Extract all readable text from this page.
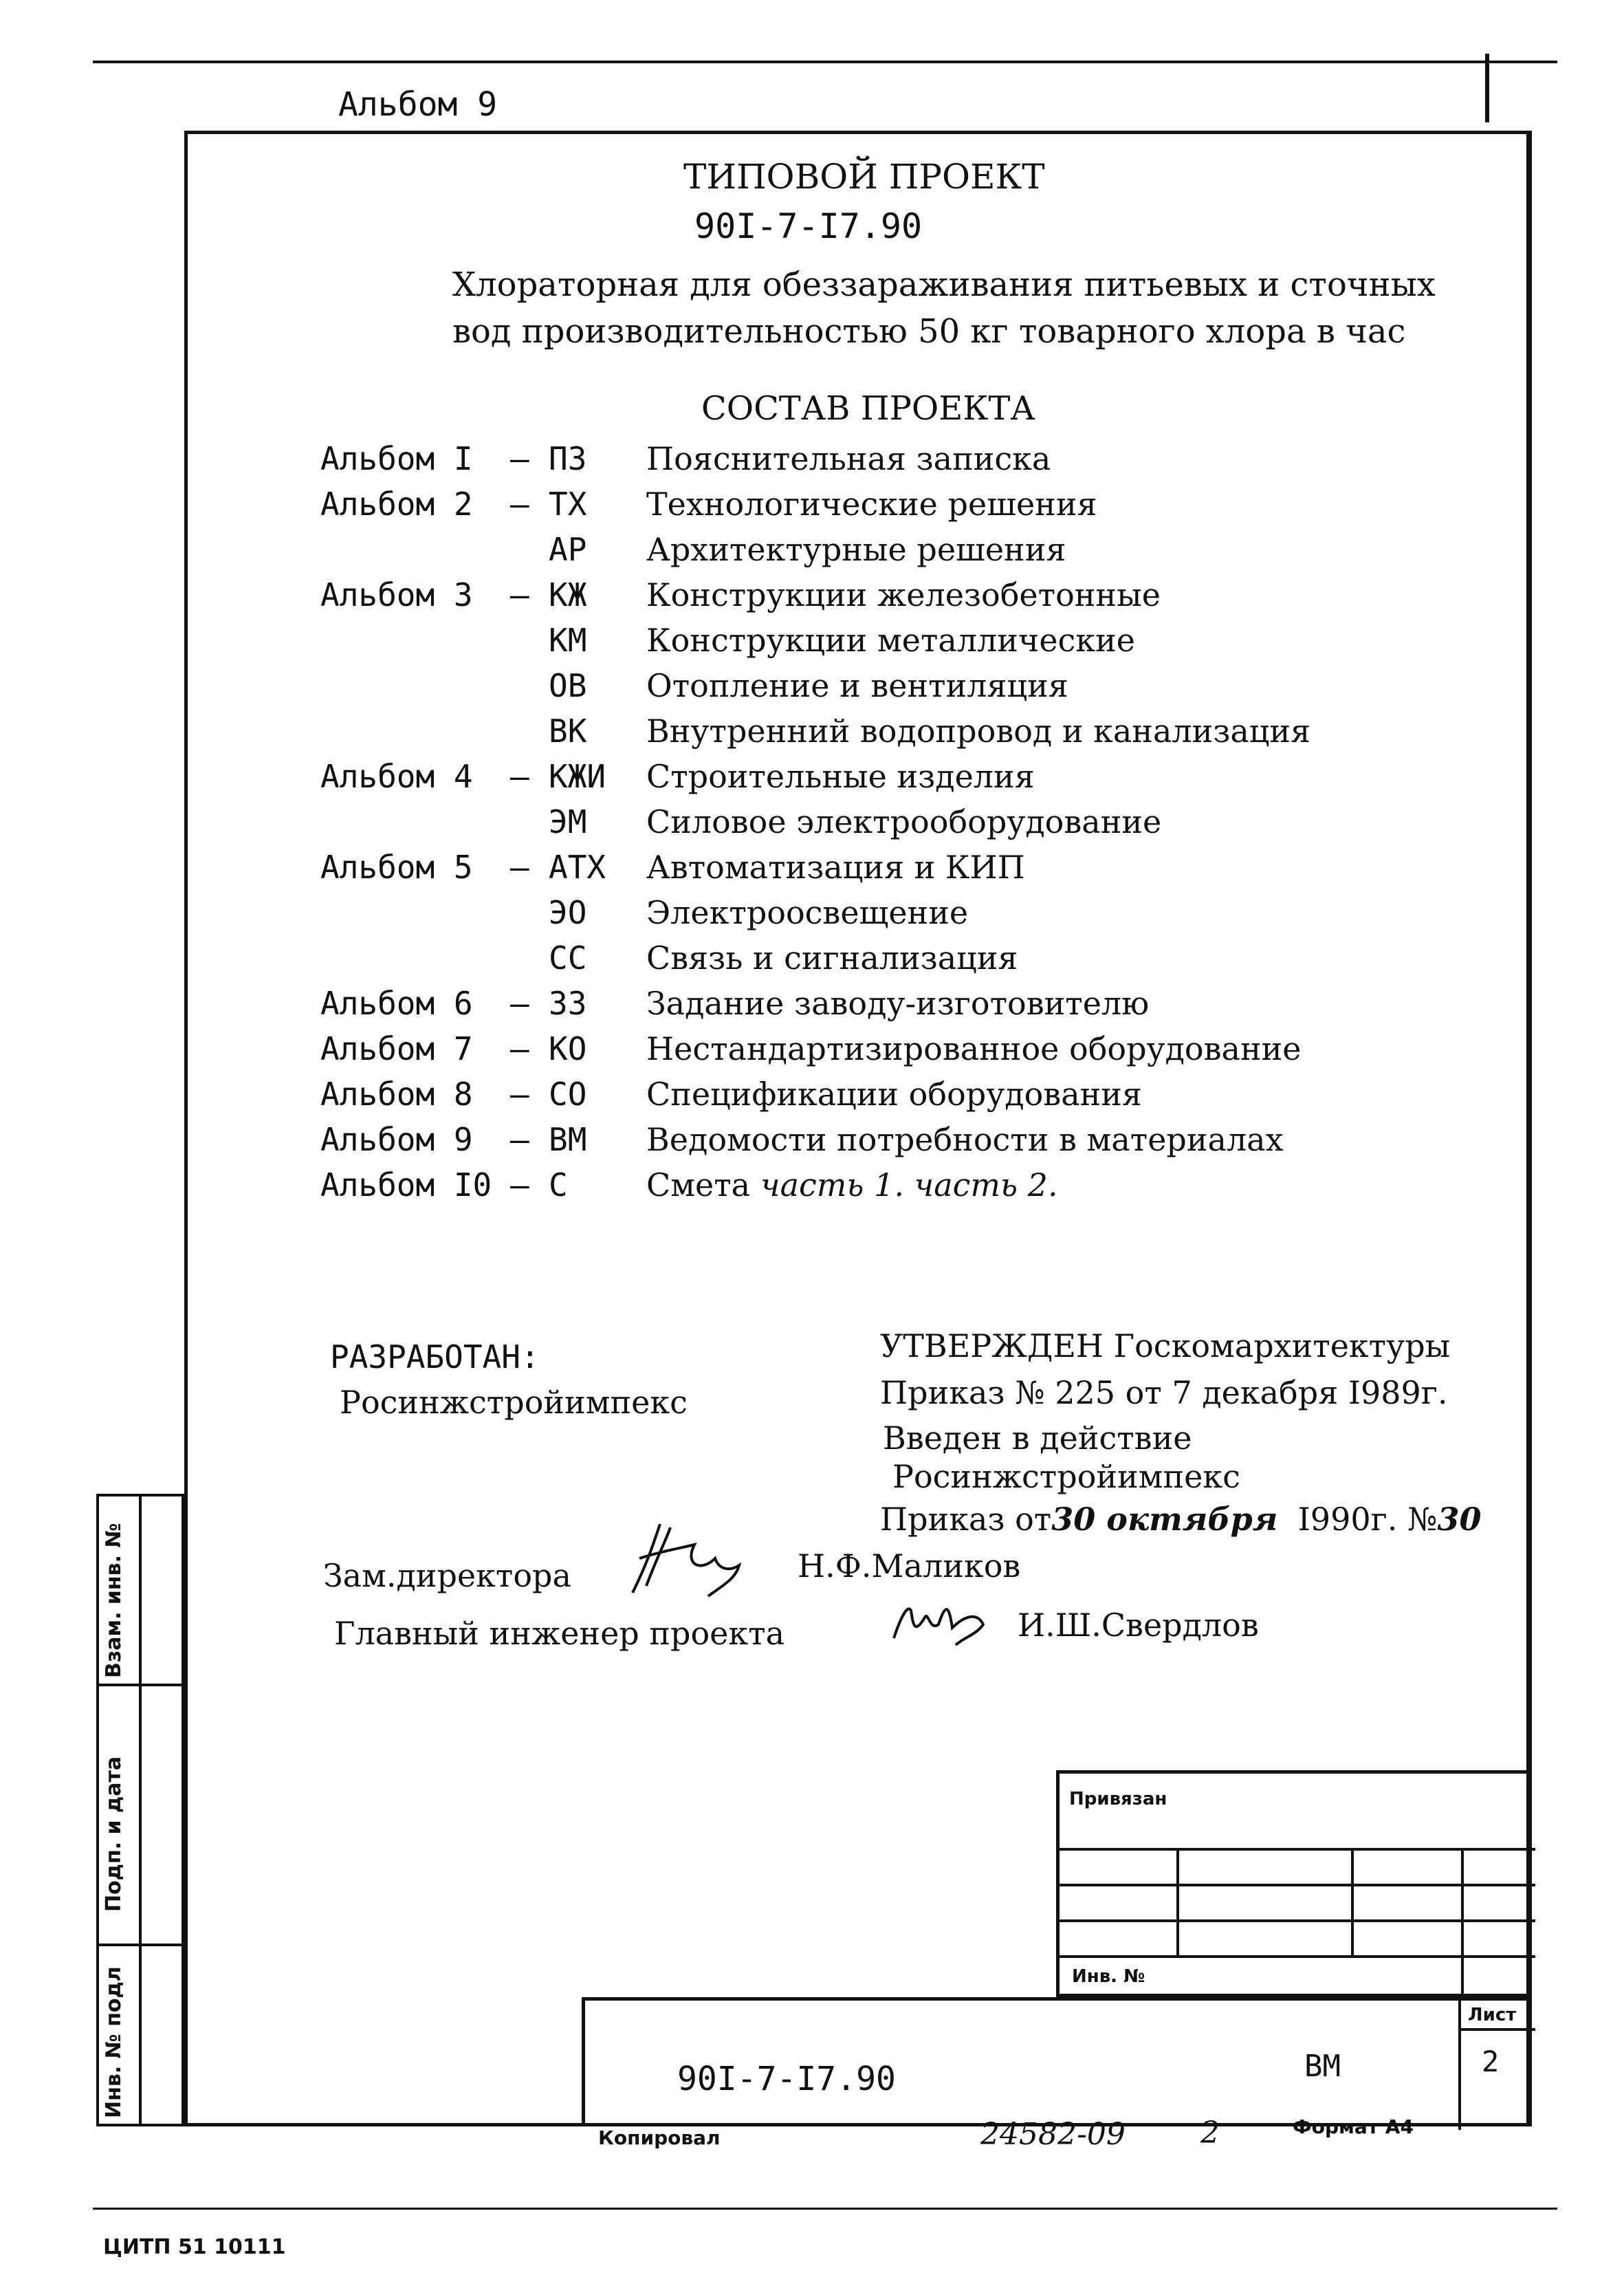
Альбом 9
ТИПОВОЙ ПРОЕКТ
90I-7-I7.90
Хлораторная для обеззараживания питьевых и сточных
вод производительностью 50 кг товарного хлора в час
СОСТАВ ПРОЕКТА
Альбом I – ПЗ Пояснительная записка
Альбом 2 – ТХ Технологические решения
АР Архитектурные решения
Альбом 3 – КЖ Конструкции железобетонные
КМ Конструкции металлические
ОВ Отопление и вентиляция
ВК Внутренний водопровод и канализация
Альбом 4 – КЖИ Строительные изделия
ЭМ Силовое электрооборудование
Альбом 5 – АТХ Автоматизация и КИП
ЭО Электроосвещение
СС Связь и сигнализация
Альбом 6 – ЗЗ Задание заводу-изготовителю
Альбом 7 – КО Нестандартизированное оборудование
Альбом 8 – СО Спецификации оборудования
Альбом 9 – ВМ Ведомости потребности в материалах
Альбом I0 – С Смета часть 1. часть 2.
РАЗРАБОТАН:
Росинжстройимпекс
УТВЕРЖДЕН Госкомархитектуры
Приказ № 225 от 7 декабря I989г.
Введен в действие
Росинжстройимпекс
Приказ от30 октября I990г. №30
Зам.директора	Н.Ф.Маликов
Главный инженер проекта	И.Ш.Свердлов
Взам. инв. №
Подп. и дата
Инв. № подл
Привязан
Инв. №
Лист
2
90I-7-I7.90	ВМ
Копировал	24582-09 2	Формат А4
ЦИТП 51 10111
